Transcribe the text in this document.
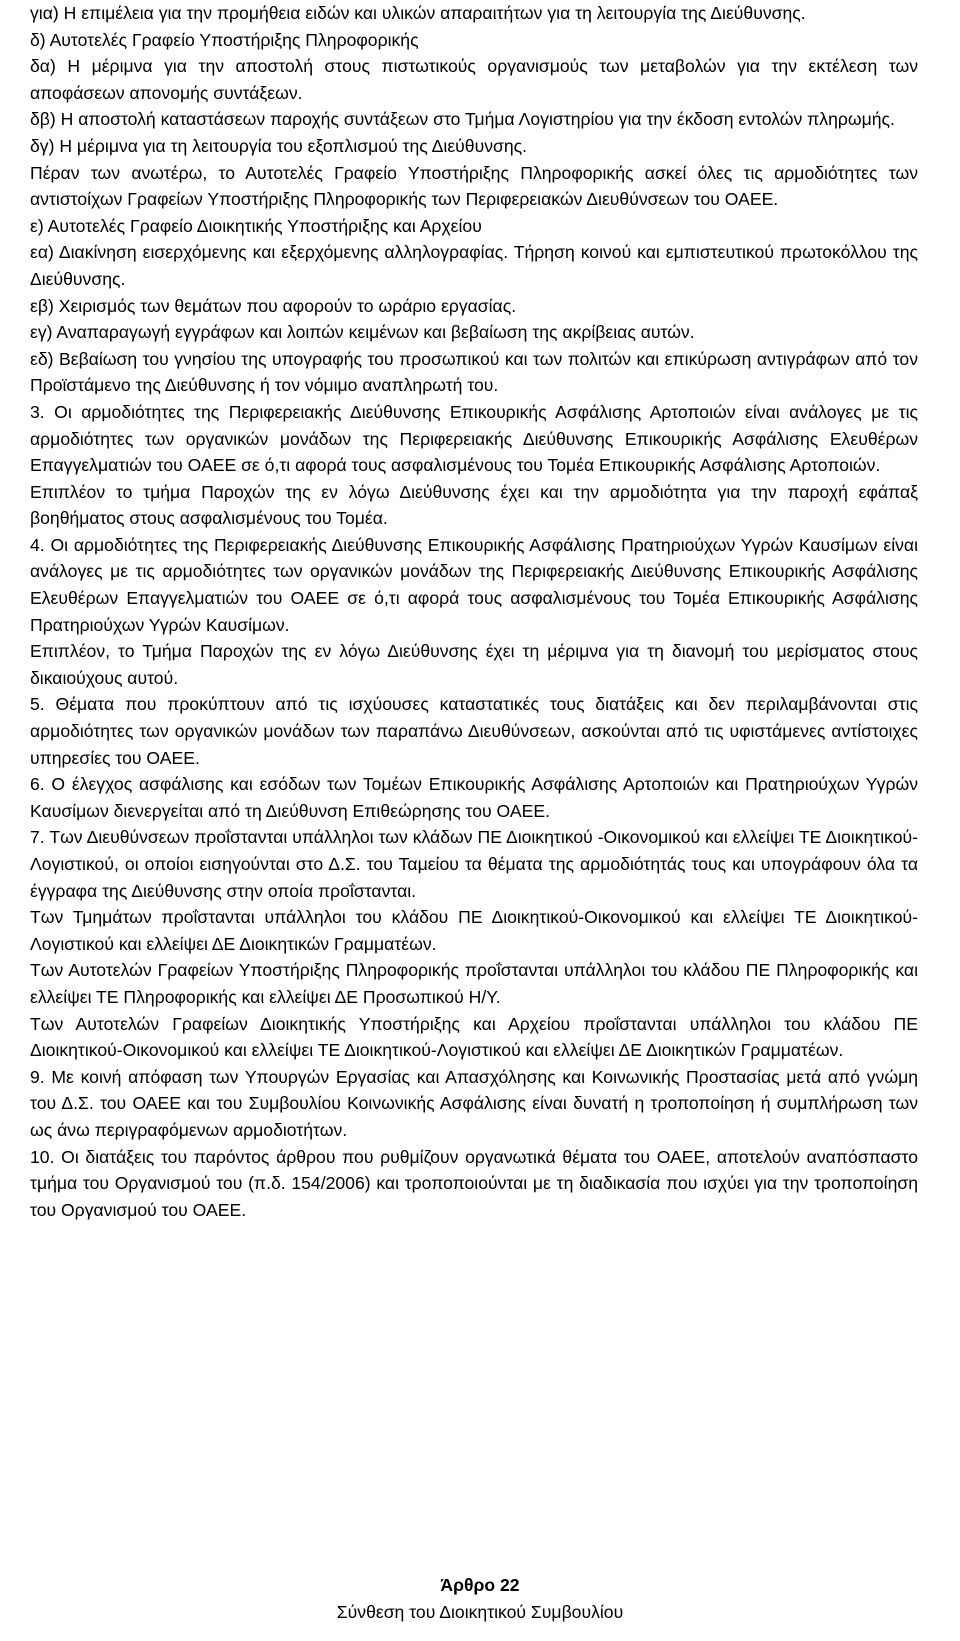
για) Η επιμέλεια για την προμήθεια ειδών και υλικών απαραιτήτων για τη λειτουργία της Διεύθυνσης.

δ) Αυτοτελές Γραφείο Υποστήριξης Πληροφορικής

δα) Η μέριμνα για την αποστολή στους πιστωτικούς οργανισμούς των μεταβολών για την εκτέλεση των αποφάσεων απονομής συντάξεων.

δβ) Η αποστολή καταστάσεων παροχής συντάξεων στο Τμήμα Λογιστηρίου για την έκδοση εντολών πληρωμής.

δγ) Η μέριμνα για τη λειτουργία του εξοπλισμού της Διεύθυνσης.

Πέραν των ανωτέρω, το Αυτοτελές Γραφείο Υποστήριξης Πληροφορικής ασκεί όλες τις αρμοδιότητες των αντιστοίχων Γραφείων Υποστήριξης Πληροφορικής των Περιφερειακών Διευθύνσεων του ΟΑΕΕ.

ε) Αυτοτελές Γραφείο Διοικητικής Υποστήριξης και Αρχείου

εα) Διακίνηση εισερχόμενης και εξερχόμενης αλληλογραφίας. Τήρηση κοινού και εμπιστευτικού πρωτοκόλλου της Διεύθυνσης.

εβ) Χειρισμός των θεμάτων που αφορούν το ωράριο εργασίας.

εγ) Αναπαραγωγή εγγράφων και λοιπών κειμένων και βεβαίωση της ακρίβειας αυτών.

εδ) Βεβαίωση του γνησίου της υπογραφής του προσωπικού και των πολιτών και επικύρωση αντιγράφων από τον Προϊστάμενο της Διεύθυνσης ή τον νόμιμο αναπληρωτή του.

3. Οι αρμοδιότητες της Περιφερειακής Διεύθυνσης Επικουρικής Ασφάλισης Αρτοποιών είναι ανάλογες με τις αρμοδιότητες των οργανικών μονάδων της Περιφερειακής Διεύθυνσης Επικουρικής Ασφάλισης Ελευθέρων Επαγγελματιών του ΟΑΕΕ σε ό,τι αφορά τους ασφαλισμένους του Τομέα Επικουρικής Ασφάλισης Αρτοποιών.

Επιπλέον το τμήμα Παροχών της εν λόγω Διεύθυνσης έχει και την αρμοδιότητα για την παροχή εφάπαξ βοηθήματος στους ασφαλισμένους του Τομέα.

4. Οι αρμοδιότητες της Περιφερειακής Διεύθυνσης Επικουρικής Ασφάλισης Πρατηριούχων Υγρών Καυσίμων είναι ανάλογες με τις αρμοδιότητες των οργανικών μονάδων της Περιφερειακής Διεύθυνσης Επικουρικής Ασφάλισης Ελευθέρων Επαγγελματιών του ΟΑΕΕ σε ό,τι αφορά τους ασφαλισμένους του Τομέα Επικουρικής Ασφάλισης Πρατηριούχων Υγρών Καυσίμων.

Επιπλέον, το Τμήμα Παροχών της εν λόγω Διεύθυνσης έχει τη μέριμνα για τη διανομή του μερίσματος στους δικαιούχους αυτού.

5. Θέματα που προκύπτουν από τις ισχύουσες καταστατικές τους διατάξεις και δεν περιλαμβάνονται στις αρμοδιότητες των οργανικών μονάδων των παραπάνω Διευθύνσεων, ασκούνται από τις υφιστάμενες αντίστοιχες υπηρεσίες του ΟΑΕΕ.

6. Ο έλεγχος ασφάλισης και εσόδων των Τομέων Επικουρικής Ασφάλισης Αρτοποιών και Πρατηριούχων Υγρών Καυσίμων διενεργείται από τη Διεύθυνση Επιθεώρησης του ΟΑΕΕ.

7. Των Διευθύνσεων προΐστανται υπάλληλοι των κλάδων ΠΕ Διοικητικού -Οικονομικού και ελλείψει ΤΕ Διοικητικού-Λογιστικού, οι οποίοι εισηγούνται στο Δ.Σ. του Ταμείου τα θέματα της αρμοδιότητάς τους και υπογράφουν όλα τα έγγραφα της Διεύθυνσης στην οποία προΐστανται.

Των Τμημάτων προΐστανται υπάλληλοι του κλάδου ΠΕ Διοικητικού-Οικονομικού και ελλείψει ΤΕ Διοικητικού-Λογιστικού και ελλείψει ΔΕ Διοικητικών Γραμματέων.

Των Αυτοτελών Γραφείων Υποστήριξης Πληροφορικής προΐστανται υπάλληλοι του κλάδου ΠΕ Πληροφορικής και ελλείψει ΤΕ Πληροφορικής και ελλείψει ΔΕ Προσωπικού Η/Υ.

Των Αυτοτελών Γραφείων Διοικητικής Υποστήριξης και Αρχείου προΐστανται υπάλληλοι του κλάδου ΠΕ Διοικητικού-Οικονομικού και ελλείψει ΤΕ Διοικητικού-Λογιστικού και ελλείψει ΔΕ Διοικητικών Γραμματέων.

9. Με κοινή απόφαση των Υπουργών Εργασίας και Απασχόλησης και Κοινωνικής Προστασίας μετά από γνώμη του Δ.Σ. του ΟΑΕΕ και του Συμβουλίου Κοινωνικής Ασφάλισης είναι δυνατή η τροποποίηση ή συμπλήρωση των ως άνω περιγραφόμενων αρμοδιοτήτων.

10. Οι διατάξεις του παρόντος άρθρου που ρυθμίζουν οργανωτικά θέματα του ΟΑΕΕ, αποτελούν αναπόσπαστο τμήμα του Οργανισμού του (π.δ. 154/2006) και τροποποιούνται με τη διαδικασία που ισχύει για την τροποποίηση του Οργανισμού του ΟΑΕΕ.

Άρθρο 22
Σύνθεση του Διοικητικού Συμβουλίου
